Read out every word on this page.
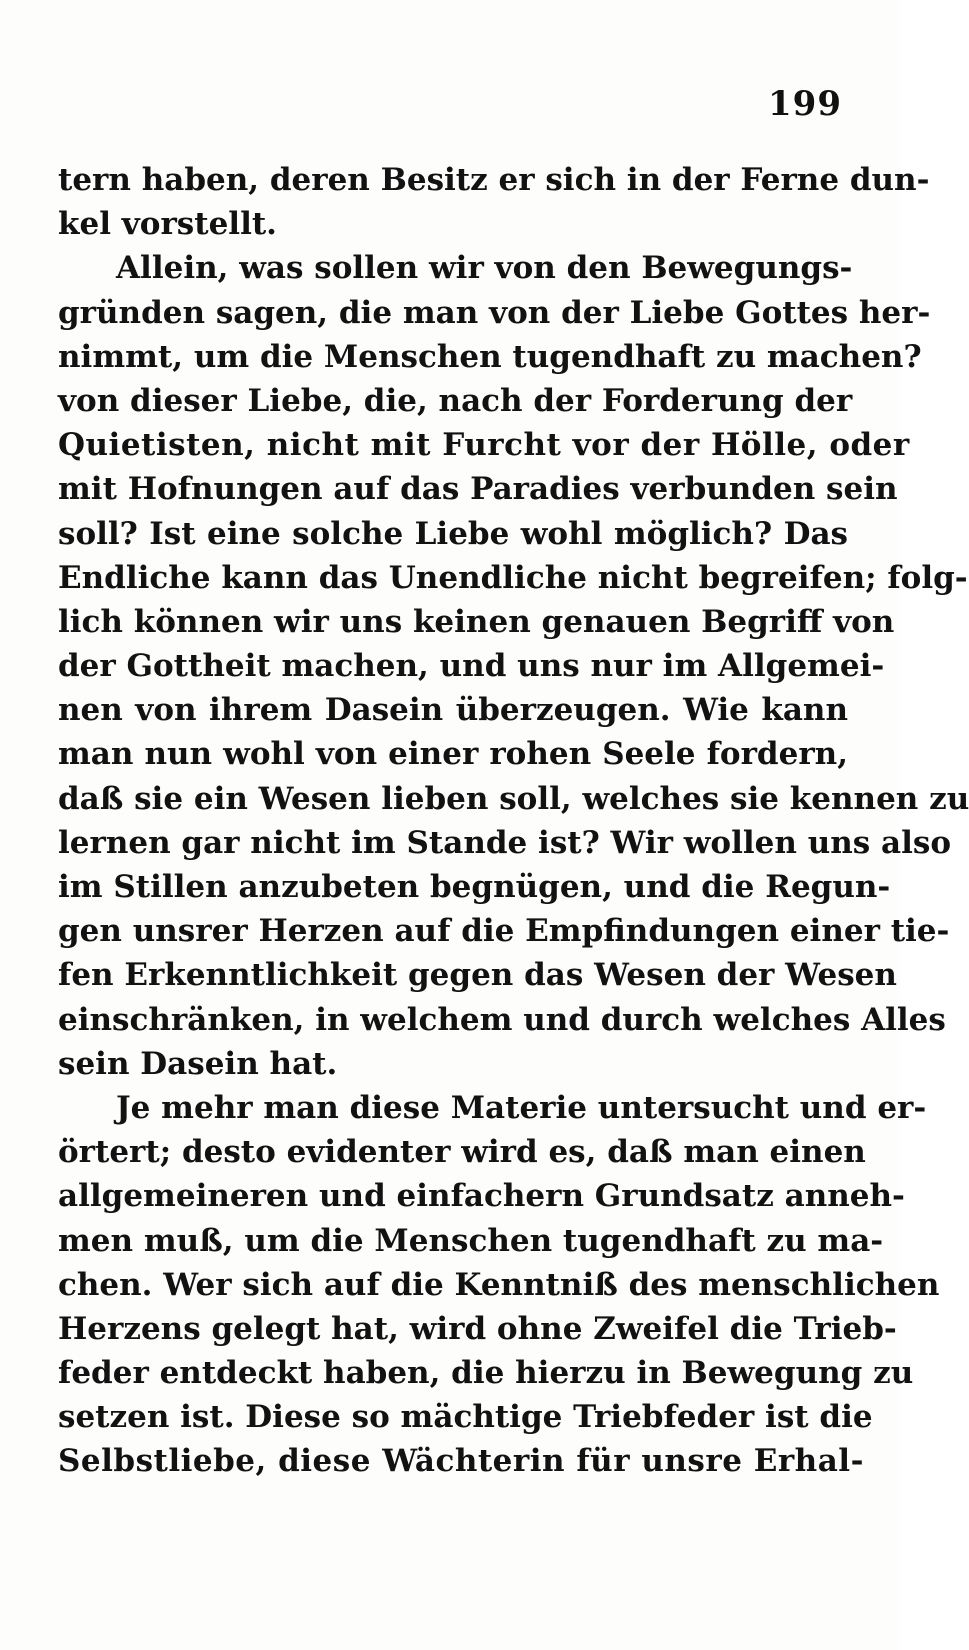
199
tern haben, deren Besitz er sich in der Ferne dun-
kel vorstellt.
Allein, was sollen wir von den Bewegungs-
gründen sagen, die man von der Liebe Gottes her-
nimmt, um die Menschen tugendhaft zu machen?
von dieser Liebe, die, nach der Forderung der
Quietisten, nicht mit Furcht vor der Hölle, oder
mit Hofnungen auf das Paradies verbunden sein
soll? Ist eine solche Liebe wohl möglich? Das
Endliche kann das Unendliche nicht begreifen; folg-
lich können wir uns keinen genauen Begriff von
der Gottheit machen, und uns nur im Allgemei-
nen von ihrem Dasein überzeugen. Wie kann
man nun wohl von einer rohen Seele fordern,
daß sie ein Wesen lieben soll, welches sie kennen zu
lernen gar nicht im Stande ist? Wir wollen uns also
im Stillen anzubeten begnügen, und die Regun-
gen unsrer Herzen auf die Empfindungen einer tie-
fen Erkenntlichkeit gegen das Wesen der Wesen
einschränken, in welchem und durch welches Alles
sein Dasein hat.
Je mehr man diese Materie untersucht und er-
örtert; desto evidenter wird es, daß man einen
allgemeineren und einfachern Grundsatz anneh-
men muß, um die Menschen tugendhaft zu ma-
chen. Wer sich auf die Kenntniß des menschlichen
Herzens gelegt hat, wird ohne Zweifel die Trieb-
feder entdeckt haben, die hierzu in Bewegung zu
setzen ist. Diese so mächtige Triebfeder ist die
Selbstliebe, diese Wächterin für unsre Erhal-
